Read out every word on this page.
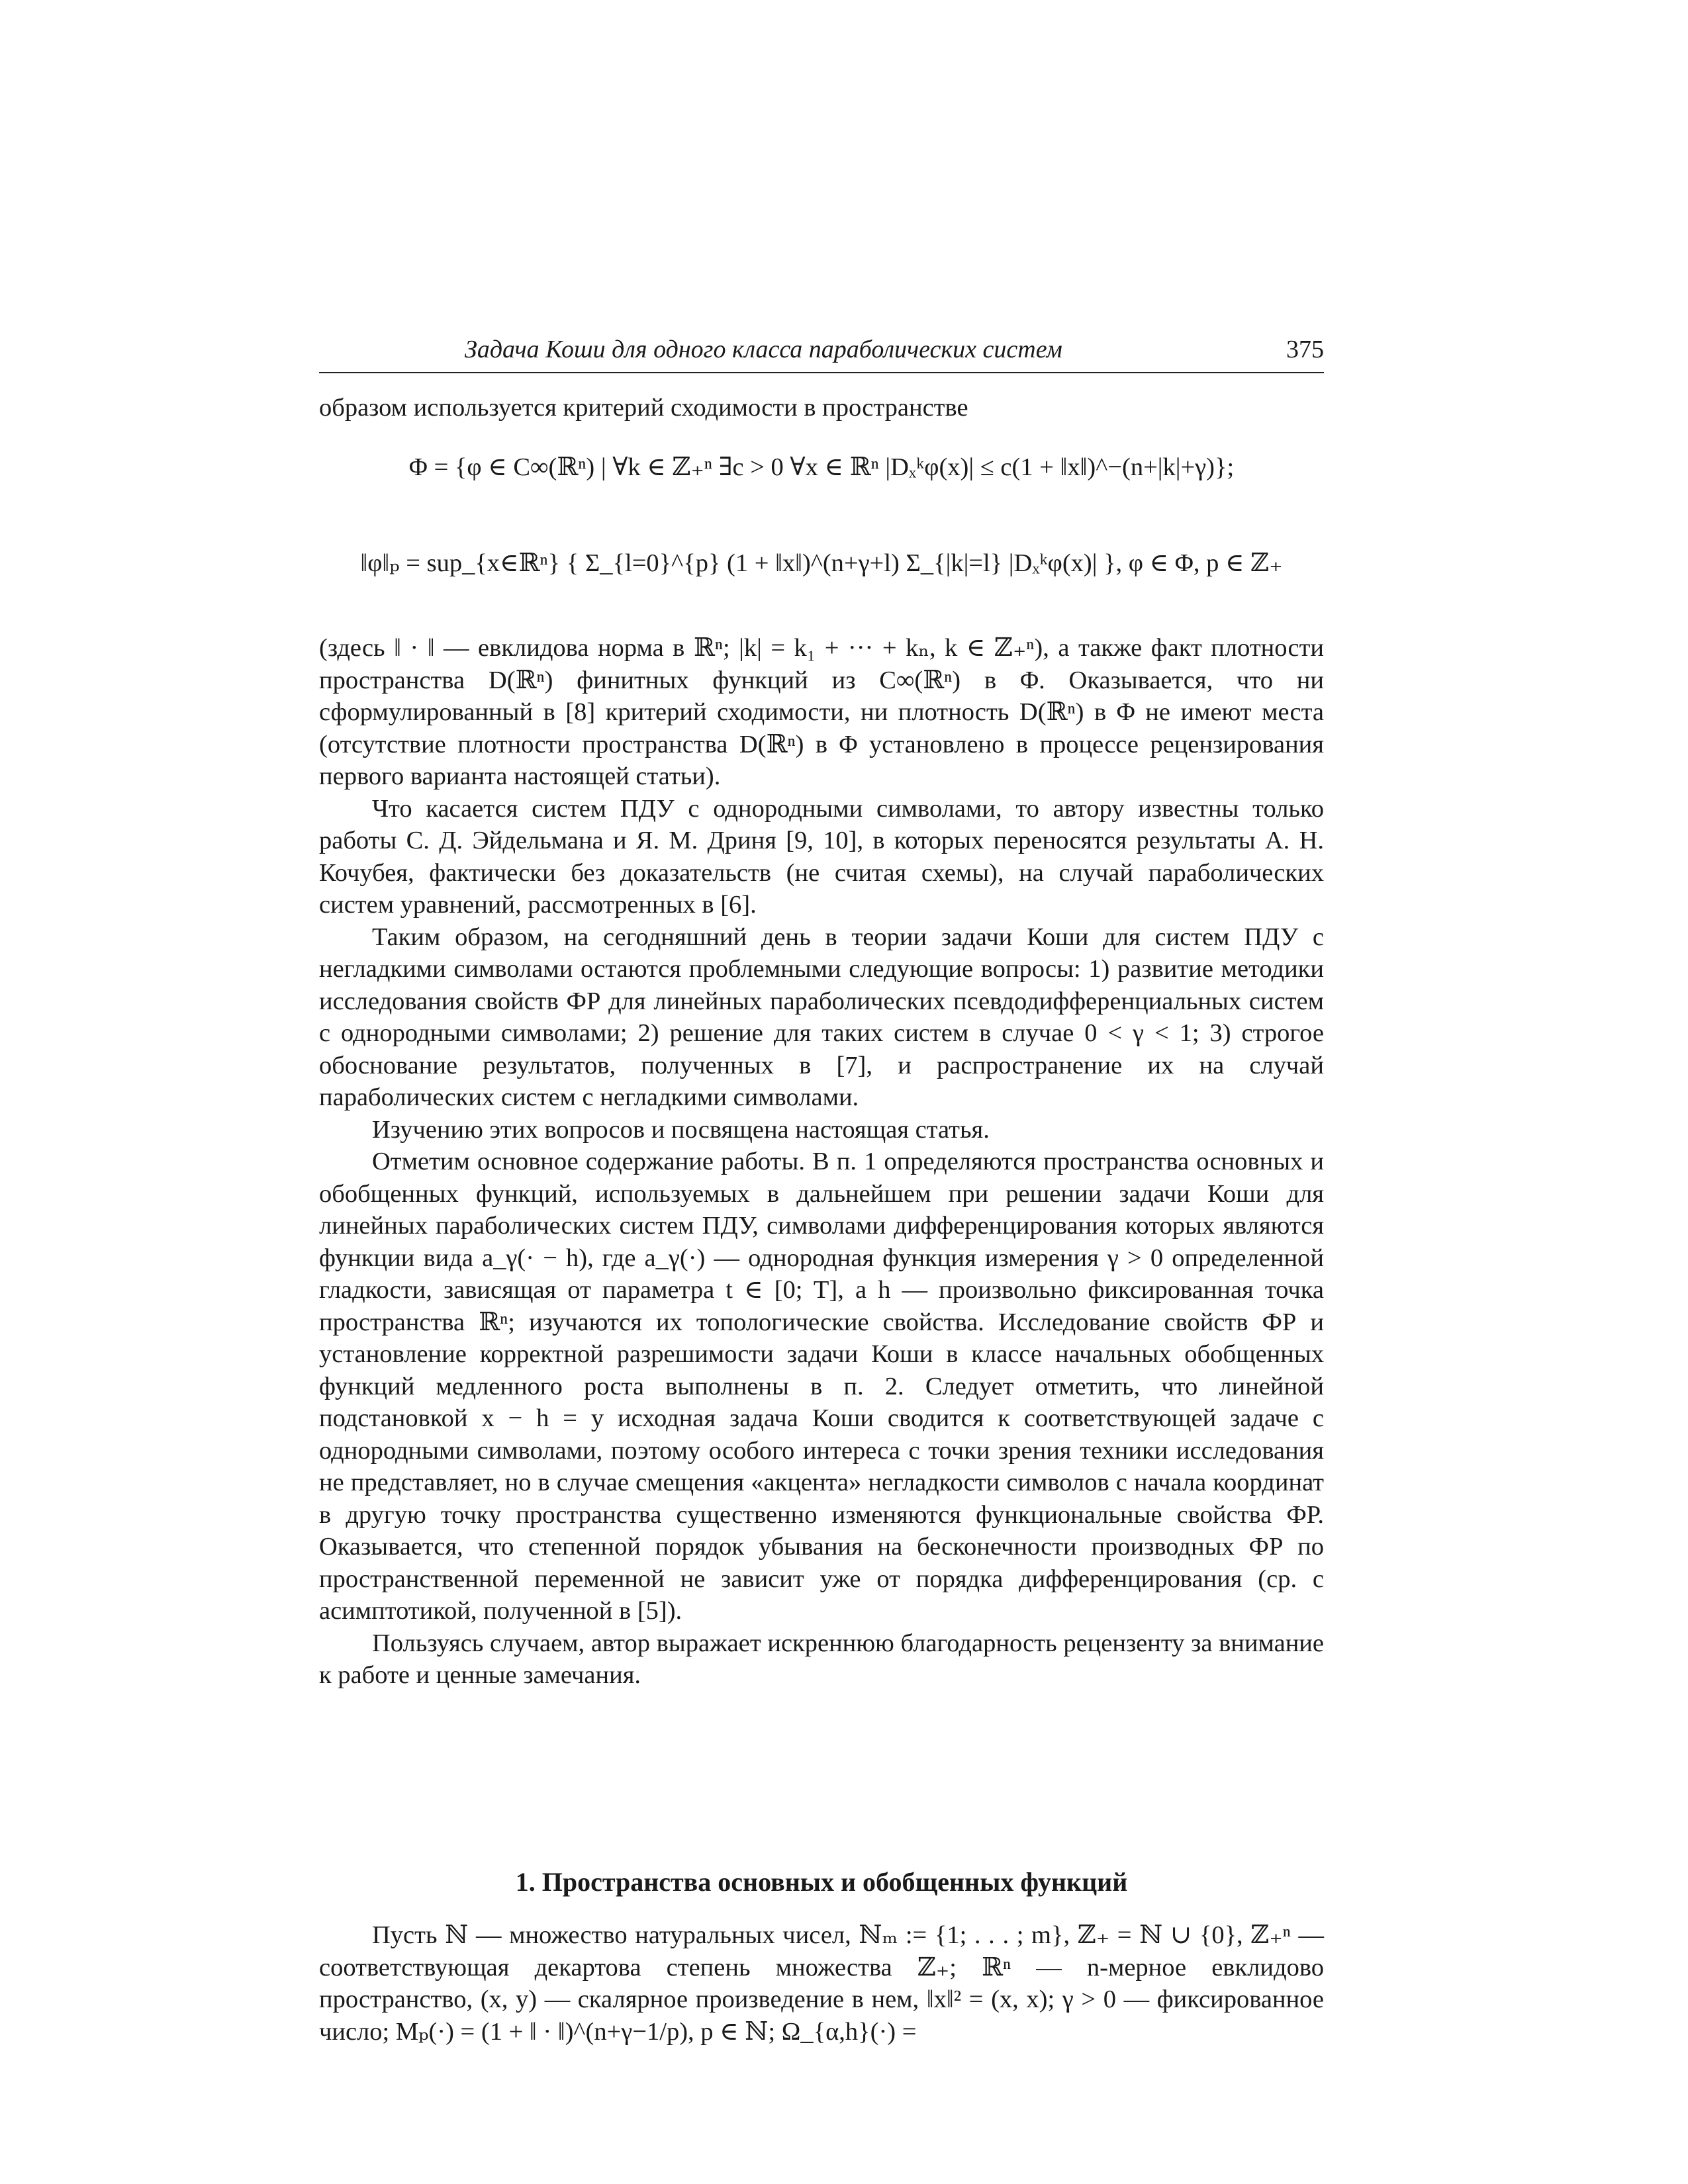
Задача Коши для одного класса параболических систем	375

образом используется критерий сходимости в пространстве

Φ = {φ ∈ C∞(ℝⁿ) | ∀k ∈ ℤ₊ⁿ ∃c > 0 ∀x ∈ ℝⁿ |Dₓᵏφ(x)| ≤ c(1 + ‖x‖)^−(n+|k|+γ)};
‖φ‖ₚ = sup_{x∈ℝⁿ} { Σ_{l=0}^{p} (1 + ‖x‖)^(n+γ+l) Σ_{|k|=l} |Dₓᵏφ(x)| }, φ ∈ Φ, p ∈ ℤ₊

(здесь ‖ · ‖ — евклидова норма в ℝⁿ; |k| = k₁ + ··· + kₙ, k ∈ ℤ₊ⁿ), а также факт плотности пространства D(ℝⁿ) финитных функций из C∞(ℝⁿ) в Φ. Оказывается, что ни сформулированный в [8] критерий сходимости, ни плотность D(ℝⁿ) в Φ не имеют места (отсутствие плотности пространства D(ℝⁿ) в Φ установлено в процессе рецензирования первого варианта настоящей статьи).

Что касается систем ПДУ с однородными символами, то автору известны только работы С. Д. Эйдельмана и Я. М. Дриня [9, 10], в которых переносятся результаты А. Н. Кочубея, фактически без доказательств (не считая схемы), на случай параболических систем уравнений, рассмотренных в [6].

Таким образом, на сегодняшний день в теории задачи Коши для систем ПДУ с негладкими символами остаются проблемными следующие вопросы: 1) развитие методики исследования свойств ФР для линейных параболических псевдодифференциальных систем с однородными символами; 2) решение для таких систем в случае 0 < γ < 1; 3) строгое обоснование результатов, полученных в [7], и распространение их на случай параболических систем с негладкими символами.

Изучению этих вопросов и посвящена настоящая статья.

Отметим основное содержание работы. В п. 1 определяются пространства основных и обобщенных функций, используемых в дальнейшем при решении задачи Коши для линейных параболических систем ПДУ, символами дифференцирования которых являются функции вида a_γ(· − h), где a_γ(·) — однородная функция измерения γ > 0 определенной гладкости, зависящая от параметра t ∈ [0; T], а h — произвольно фиксированная точка пространства ℝⁿ; изучаются их топологические свойства. Исследование свойств ФР и установление корректной разрешимости задачи Коши в классе начальных обобщенных функций медленного роста выполнены в п. 2. Следует отметить, что линейной подстановкой x − h = y исходная задача Коши сводится к соответствующей задаче с однородными символами, поэтому особого интереса с точки зрения техники исследования не представляет, но в случае смещения «акцента» негладкости символов с начала координат в другую точку пространства существенно изменяются функциональные свойства ФР. Оказывается, что степенной порядок убывания на бесконечности производных ФР по пространственной переменной не зависит уже от порядка дифференцирования (ср. с асимптотикой, полученной в [5]).

Пользуясь случаем, автор выражает искреннюю благодарность рецензенту за внимание к работе и ценные замечания.

1. Пространства основных и обобщенных функций

Пусть ℕ — множество натуральных чисел, ℕₘ := {1; . . . ; m}, ℤ₊ = ℕ ∪ {0}, ℤ₊ⁿ — соответствующая декартова степень множества ℤ₊; ℝⁿ — n-мерное евклидово пространство, (x, y) — скалярное произведение в нем, ‖x‖² = (x, x); γ > 0 — фиксированное число; Mₚ(·) = (1 + ‖ · ‖)^(n+γ−1/p), p ∈ ℕ; Ω_{α,h}(·) =
